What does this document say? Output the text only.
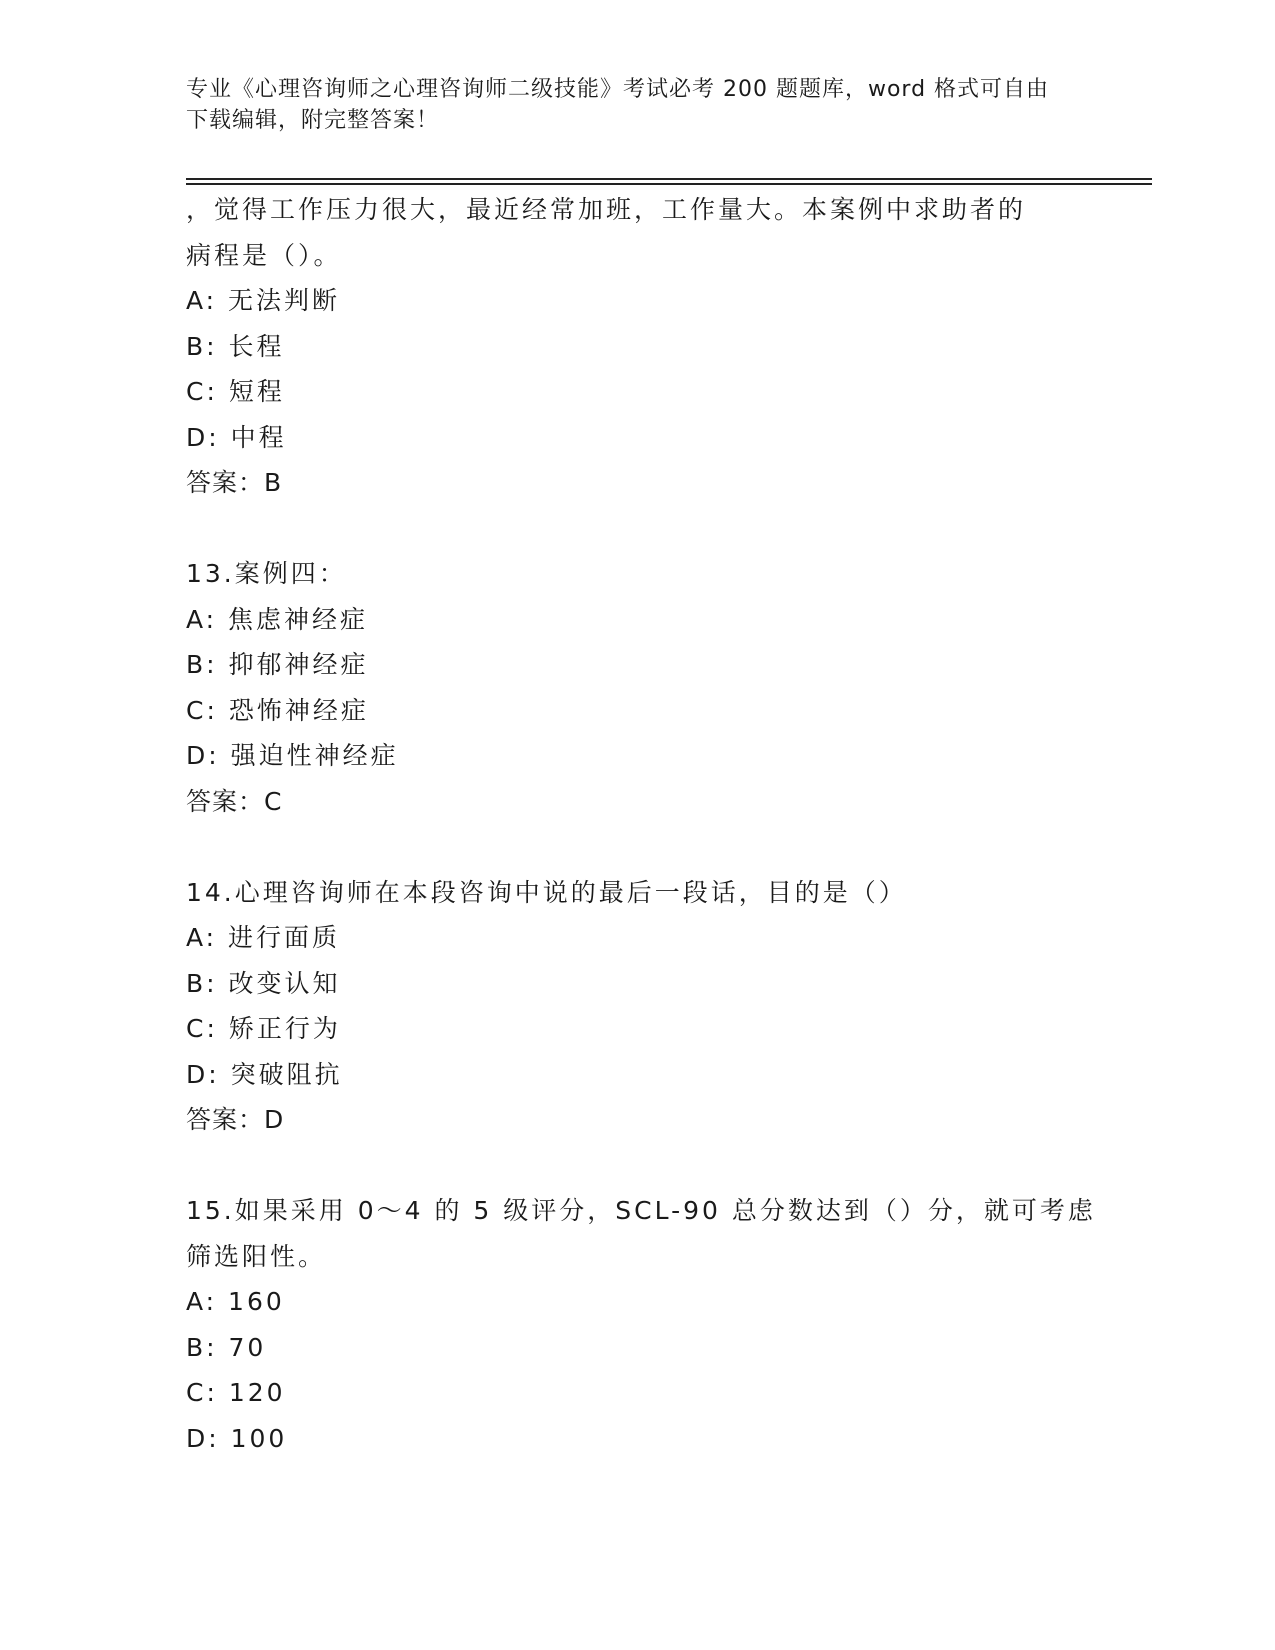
专业《心理咨询师之心理咨询师二级技能》考试必考 200 题题库，word 格式可自由下载编辑，附完整答案！

，觉得工作压力很大，最近经常加班，工作量大。本案例中求助者的
病程是（）。
A: 无法判断
B: 长程
C: 短程
D: 中程
答案：B
13.案例四：
A: 焦虑神经症
B: 抑郁神经症
C: 恐怖神经症
D: 强迫性神经症
答案：C
14.心理咨询师在本段咨询中说的最后一段话，目的是（）
A: 进行面质
B: 改变认知
C: 矫正行为
D: 突破阻抗
答案：D
15.如果采用 0～4 的 5 级评分，SCL-90 总分数达到（）分，就可考虑
筛选阳性。
A: 160
B: 70
C: 120
D: 100
